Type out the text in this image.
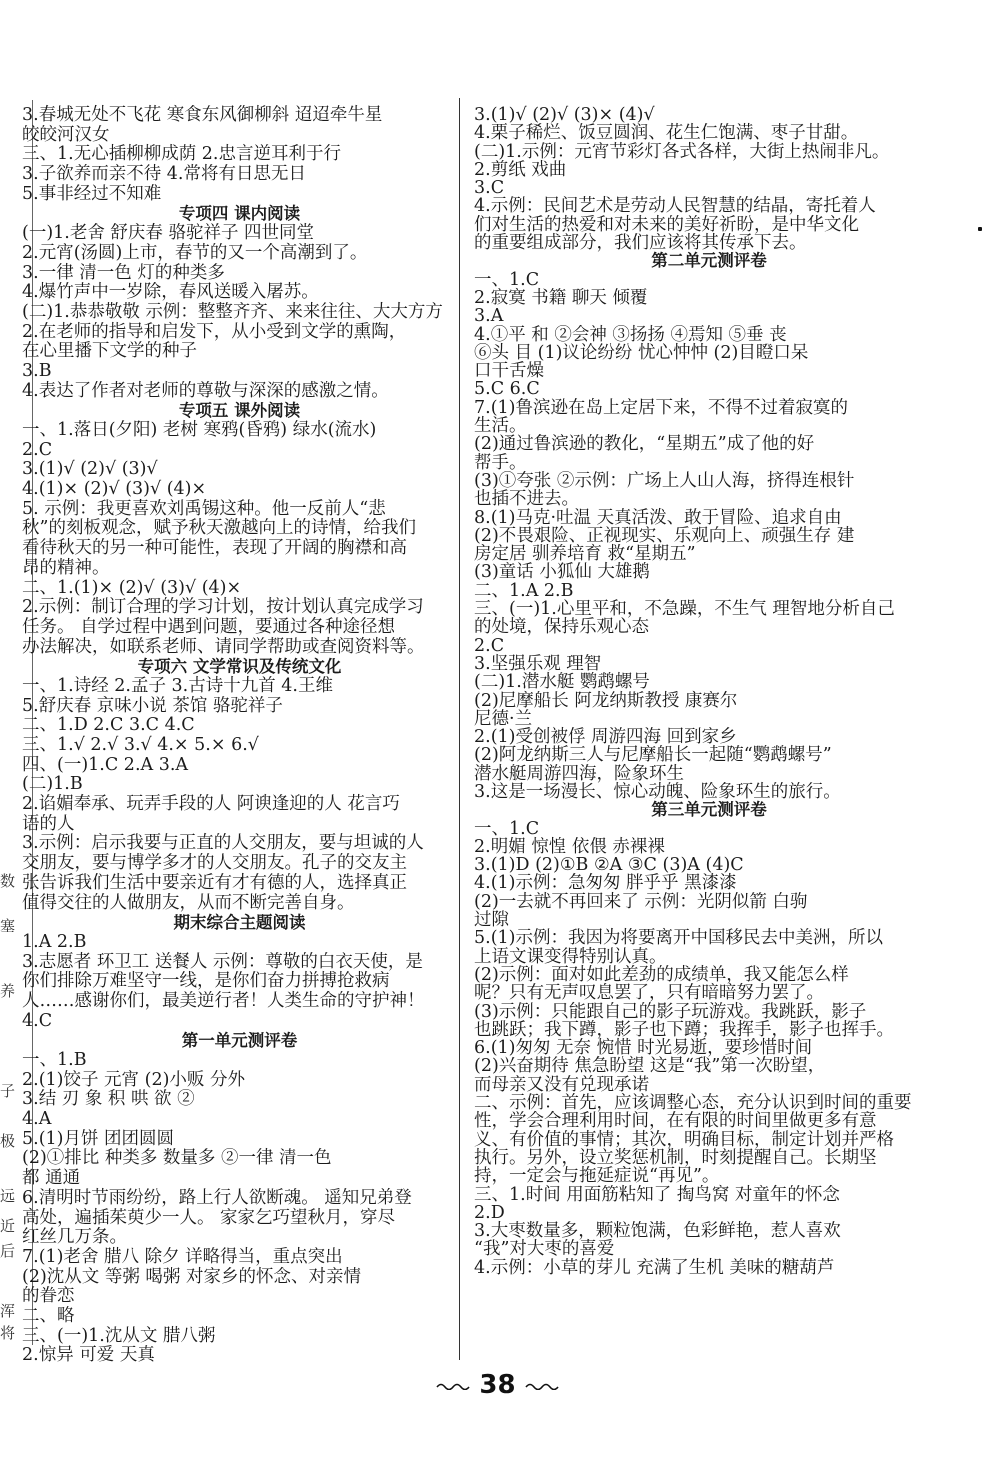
数
塞
养
子
极
远
近
后
浑
将
3.春城无处不飞花 寒食东风御柳斜 迢迢牵牛星
皎皎河汉女
三、1.无心插柳柳成荫 2.忠言逆耳利于行
3.子欲养而亲不待 4.常将有日思无日
5.事非经过不知难
专项四 课内阅读
(一)1.老舍 舒庆春 骆驼祥子 四世同堂
2.元宵(汤圆)上市，春节的又一个高潮到了。
3.一律 清一色 灯的种类多
4.爆竹声中一岁除，春风送暖入屠苏。
(二)1.恭恭敬敬 示例：整整齐齐、来来往往、大大方方
2.在老师的指导和启发下，从小受到文学的熏陶，
在心里播下文学的种子
3.B
4.表达了作者对老师的尊敬与深深的感激之情。
专项五 课外阅读
一、1.落日(夕阳) 老树 寒鸦(昏鸦) 绿水(流水)
2.C
3.(1)√ (2)√ (3)√
4.(1)× (2)√ (3)√ (4)×
5. 示例：我更喜欢刘禹锡这种。他一反前人“悲
秋”的刻板观念，赋予秋天激越向上的诗情，给我们
看待秋天的另一种可能性，表现了开阔的胸襟和高
昂的精神。
二、1.(1)× (2)√ (3)√ (4)×
2.示例：制订合理的学习计划，按计划认真完成学习
任务。 自学过程中遇到问题，要通过各种途径想
办法解决，如联系老师、请同学帮助或查阅资料等。
专项六 文学常识及传统文化
一、1.诗经 2.孟子 3.古诗十九首 4.王维
5.舒庆春 京味小说 茶馆 骆驼祥子
二、1.D 2.C 3.C 4.C
三、1.√ 2.√ 3.√ 4.× 5.× 6.√
四、(一)1.C 2.A 3.A
(二)1.B
2.谄媚奉承、玩弄手段的人 阿谀逢迎的人 花言巧
语的人
3.示例：启示我要与正直的人交朋友，要与坦诚的人
交朋友，要与博学多才的人交朋友。孔子的交友主
张告诉我们生活中要亲近有才有德的人，选择真正
值得交往的人做朋友，从而不断完善自身。
期末综合主题阅读
1.A 2.B
3.志愿者 环卫工 送餐人 示例：尊敬的白衣天使，是
你们排除万难坚守一线，是你们奋力拼搏抢救病
人……感谢你们，最美逆行者！人类生命的守护神！
4.C
第一单元测评卷
一、1.B
2.(1)饺子 元宵 (2)小贩 分外
3.结 刃 象 积 哄 欲 ②
4.A
5.(1)月饼 团团圆圆
(2)①排比 种类多 数量多 ②一律 清一色
都 通通
6.清明时节雨纷纷，路上行人欲断魂。 遥知兄弟登
高处，遍插茱萸少一人。 家家乞巧望秋月，穿尽
红丝几万条。
7.(1)老舍 腊八 除夕 详略得当，重点突出
(2)沈从文 等粥 喝粥 对家乡的怀念、对亲情
的眷恋
二、略
三、(一)1.沈从文 腊八粥
2.惊异 可爱 天真
3.(1)√ (2)√ (3)× (4)√
4.栗子稀烂、饭豆圆润、花生仁饱满、枣子甘甜。
(二)1.示例：元宵节彩灯各式各样，大街上热闹非凡。
2.剪纸 戏曲
3.C
4.示例：民间艺术是劳动人民智慧的结晶，寄托着人
们对生活的热爱和对未来的美好祈盼，是中华文化
的重要组成部分，我们应该将其传承下去。
第二单元测评卷
一、1.C
2.寂寞 书籍 聊天 倾覆
3.A
4.①平 和 ②会神 ③扬扬 ④焉知 ⑤垂 丧
⑥头 目 (1)议论纷纷 忧心忡忡 (2)目瞪口呆
口干舌燥
5.C 6.C
7.(1)鲁滨逊在岛上定居下来，不得不过着寂寞的
生活。
(2)通过鲁滨逊的教化，“星期五”成了他的好
帮手。
(3)①夸张 ②示例：广场上人山人海，挤得连根针
也插不进去。
8.(1)马克·吐温 天真活泼、敢于冒险、追求自由
(2)不畏艰险、正视现实、乐观向上、顽强生存 建
房定居 驯养培育 救“星期五”
(3)童话 小狐仙 大雄鹅
二、1.A 2.B
三、(一)1.心里平和，不急躁，不生气 理智地分析自己
的处境，保持乐观心态
2.C
3.坚强乐观 理智
(二)1.潜水艇 鹦鹉螺号
(2)尼摩船长 阿龙纳斯教授 康赛尔
尼德·兰
2.(1)受创被俘 周游四海 回到家乡
(2)阿龙纳斯三人与尼摩船长一起随“鹦鹉螺号”
潜水艇周游四海，险象环生
3.这是一场漫长、惊心动魄、险象环生的旅行。
第三单元测评卷
一、1.C
2.明媚 惊惶 依偎 赤裸裸
3.(1)D (2)①B ②A ③C (3)A (4)C
4.(1)示例：急匆匆 胖乎乎 黑漆漆
(2)一去就不再回来了 示例：光阴似箭 白驹
过隙
5.(1)示例：我因为将要离开中国移民去中美洲，所以
上语文课变得特别认真。
(2)示例：面对如此差劲的成绩单，我又能怎么样
呢？只有无声叹息罢了，只有暗暗努力罢了。
(3)示例：只能跟自己的影子玩游戏。我跳跃，影子
也跳跃；我下蹲，影子也下蹲；我挥手，影子也挥手。
6.(1)匆匆 无奈 惋惜 时光易逝，要珍惜时间
(2)兴奋期待 焦急盼望 这是“我”第一次盼望，
而母亲又没有兑现承诺
二、示例：首先，应该调整心态，充分认识到时间的重要
性，学会合理利用时间，在有限的时间里做更多有意
义、有价值的事情；其次，明确目标，制定计划并严格
执行。另外，设立奖惩机制，时刻提醒自己。长期坚
持，一定会与拖延症说“再见”。
三、1.时间 用面筋粘知了 掏鸟窝 对童年的怀念
2.D
3.大枣数量多，颗粒饱满，色彩鲜艳，惹人喜欢
“我”对大枣的喜爱
4.示例：小草的芽儿 充满了生机 美味的糖葫芦
38
